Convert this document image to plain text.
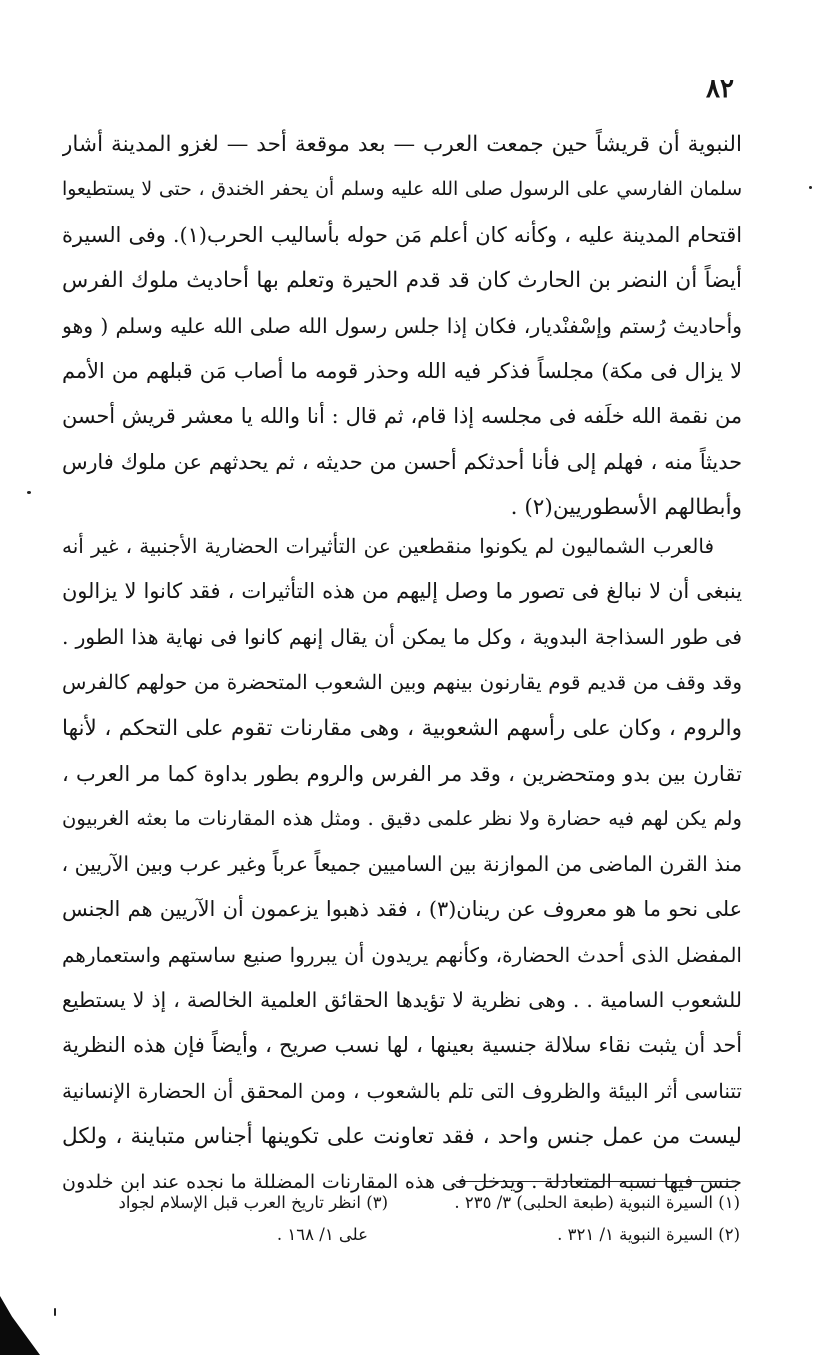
٨٢
النبوية أن قريشاً حين جمعت العرب — بعد موقعة أحد — لغزو المدينة أشار
سلمان الفارسي على الرسول صلى الله عليه وسلم أن يحفر الخندق ، حتى لا يستطيعوا
اقتحام المدينة عليه ، وكأنه كان أعلم مَن حوله بأساليب الحرب(١). وفى السيرة
أيضاً أن النضر بن الحارث كان قد قدم الحيرة وتعلم بها أحاديث ملوك الفرس
وأحاديث رُستم وإسْفنْديار، فكان إذا جلس رسول الله صلى الله عليه وسلم ( وهو
لا يزال فى مكة) مجلساً فذكر فيه الله وحذر قومه ما أصاب مَن قبلهم من الأمم
من نقمة الله خلَفه فى مجلسه إذا قام، ثم قال : أنا والله يا معشر قريش أحسن
حديثاً منه ، فهلم إلى فأنا أحدثكم أحسن من حديثه ، ثم يحدثهم عن ملوك فارس
وأبطالهم الأسطوريين(٢) .
فالعرب الشماليون لم يكونوا منقطعين عن التأثيرات الحضارية الأجنبية ، غير أنه
ينبغى أن لا نبالغ فى تصور ما وصل إليهم من هذه التأثيرات ، فقد كانوا لا يزالون
فى طور السذاجة البدوية ، وكل ما يمكن أن يقال إنهم كانوا فى نهاية هذا الطور .
وقد وقف من قديم قوم يقارنون بينهم وبين الشعوب المتحضرة من حولهم كالفرس
والروم ، وكان على رأسهم الشعوبية ، وهى مقارنات تقوم على التحكم ، لأنها
تقارن بين بدو ومتحضرين ، وقد مر الفرس والروم بطور بداوة كما مر العرب ،
ولم يكن لهم فيه حضارة ولا نظر علمى دقيق . ومثل هذه المقارنات ما بعثه الغربيون
منذ القرن الماضى من الموازنة بين الساميين جميعاً عرباً وغير عرب وبين الآريين ،
على نحو ما هو معروف عن رينان(٣) ، فقد ذهبوا يزعمون أن الآريين هم الجنس
المفضل الذى أحدث الحضارة، وكأنهم يريدون أن يبرروا صنيع ساستهم واستعمارهم
للشعوب السامية . . وهى نظرية لا تؤيدها الحقائق العلمية الخالصة ، إذ لا يستطيع
أحد أن يثبت نقاء سلالة جنسية بعينها ، لها نسب صريح ، وأيضاً فإن هذه النظرية
تتناسى أثر البيئة والظروف التى تلم بالشعوب ، ومن المحقق أن الحضارة الإنسانية
ليست من عمل جنس واحد ، فقد تعاونت على تكوينها أجناس متباينة ، ولكل
جنس فيها نسبه المتعادلة . ويدخل فى هذه المقارنات المضللة ما نجده عند ابن خلدون
(١) السيرة النبوية (طبعة الحلبى) ٣/ ٢٣٥ .
(٢) السيرة النبوية ١/ ٣٢١ .
(٣) انظر تاريخ العرب قبل الإسلام لجواد
على ١/ ١٦٨ .
